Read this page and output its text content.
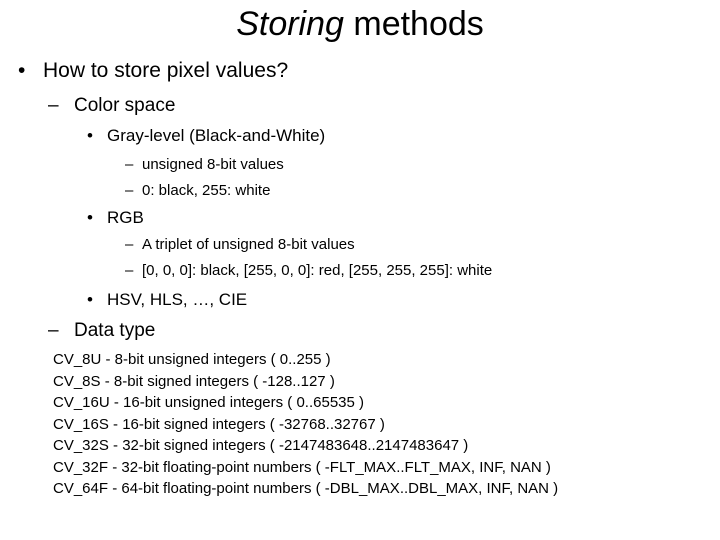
Storing methods
• How to store pixel values?
– Color space
• Gray-level (Black-and-White)
– unsigned 8-bit values
– 0: black, 255: white
• RGB
– A triplet of unsigned 8-bit values
– [0, 0, 0]: black, [255, 0, 0]: red, [255, 255, 255]: white
• HSV, HLS, …, CIE
– Data type
CV_8U - 8-bit unsigned integers ( 0..255 )
CV_8S - 8-bit signed integers ( -128..127 )
CV_16U - 16-bit unsigned integers ( 0..65535 )
CV_16S - 16-bit signed integers ( -32768..32767 )
CV_32S - 32-bit signed integers ( -2147483648..2147483647 )
CV_32F - 32-bit floating-point numbers ( -FLT_MAX..FLT_MAX, INF, NAN )
CV_64F - 64-bit floating-point numbers ( -DBL_MAX..DBL_MAX, INF, NAN )
